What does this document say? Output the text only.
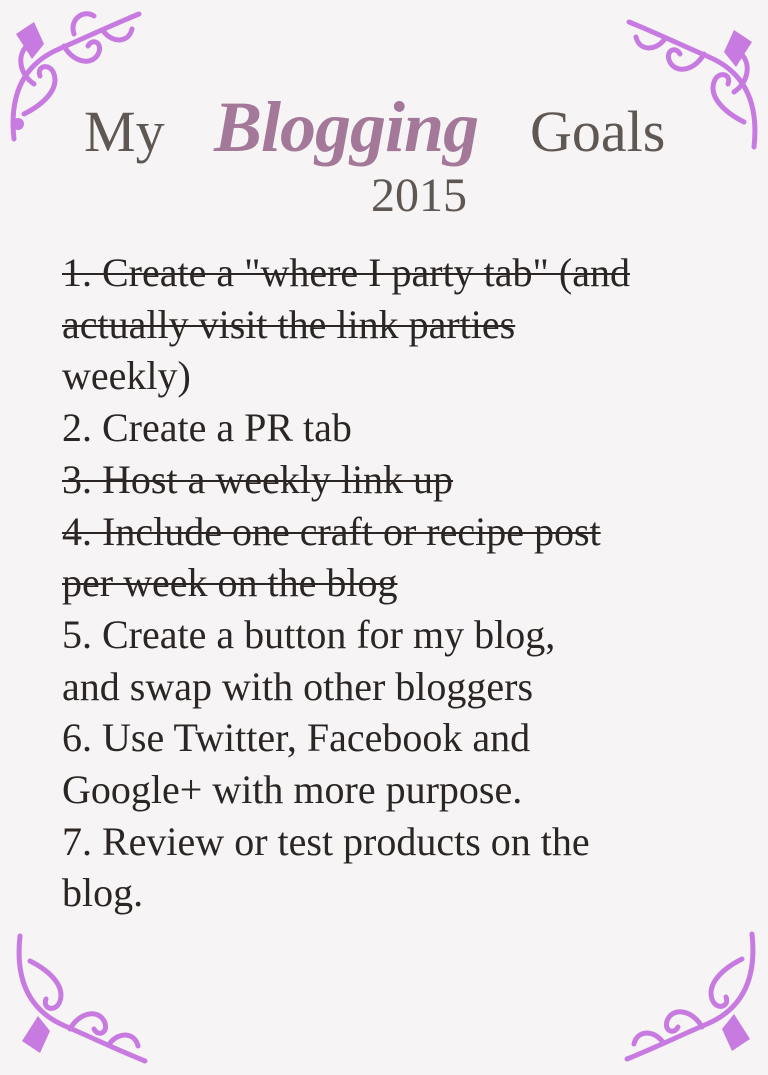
My Blogging Goals
2015
1. Create a "where I party tab" (and
actually visit the link parties
weekly)
2. Create a PR tab
3. Host a weekly link up
4. Include one craft or recipe post
per week on the blog
5. Create a button for my blog,
and swap with other bloggers
6. Use Twitter, Facebook and
Google+ with more purpose.
7. Review or test products on the
blog.
